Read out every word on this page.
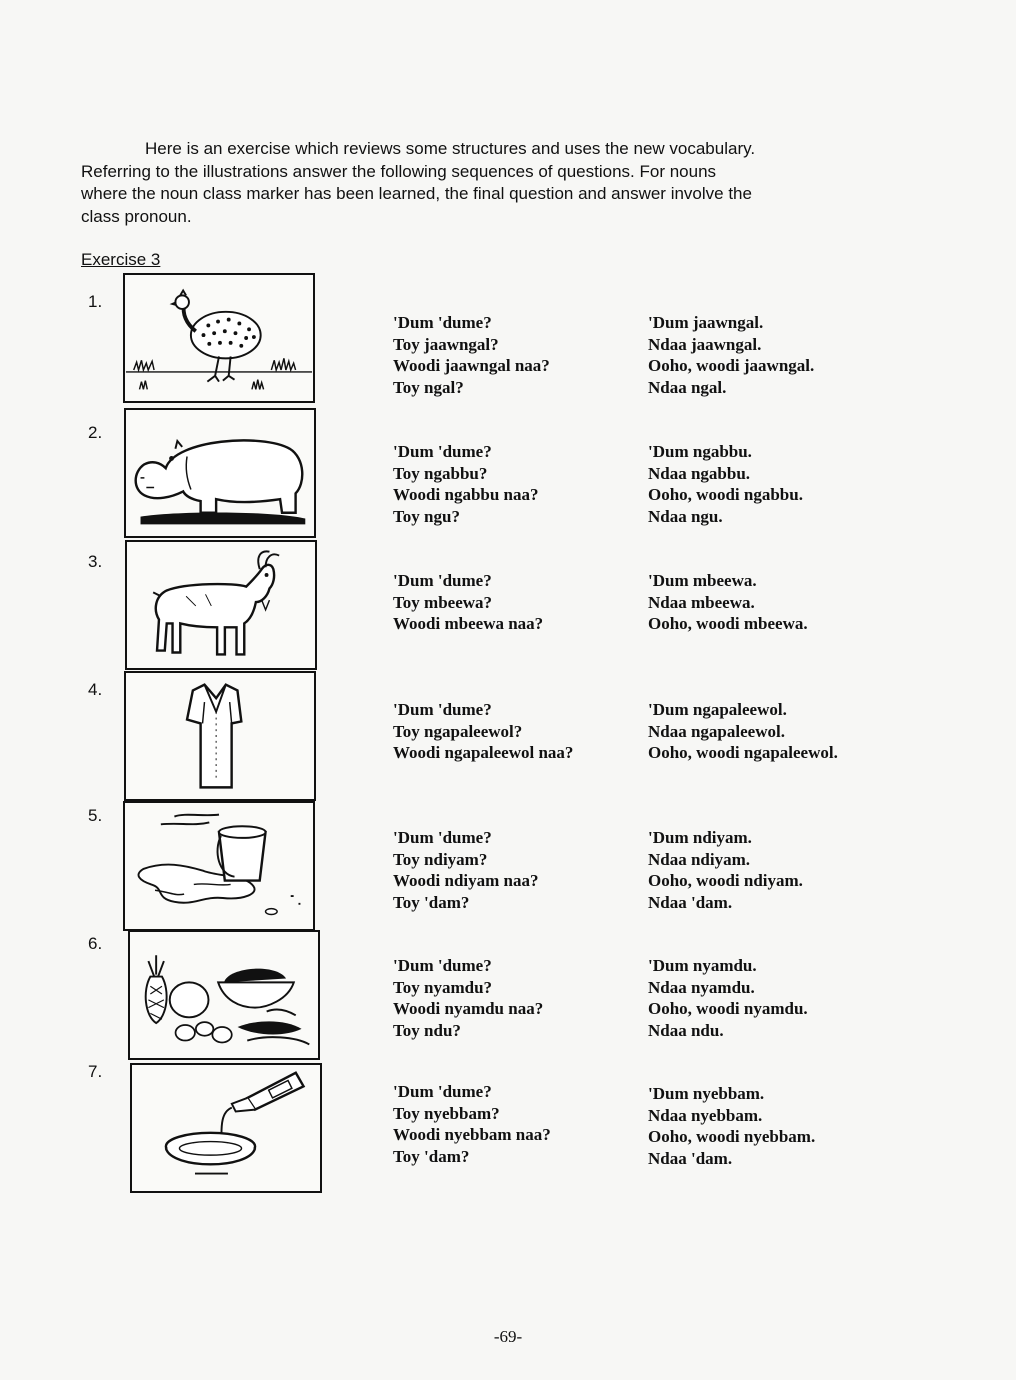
Here is an exercise which reviews some structures and uses the new vocabulary.
Referring to the illustrations answer the following sequences of questions. For nouns
where the noun class marker has been learned, the final question and answer involve the
class pronoun.

Exercise 3
1.
'Dum 'dume?
Toy jaawngal?
Woodi jaawngal naa?
Toy ngal?
'Dum jaawngal.
Ndaa jaawngal.
Ooho, woodi jaawngal.
Ndaa ngal.
2.
'Dum 'dume?
Toy ngabbu?
Woodi ngabbu naa?
Toy ngu?
'Dum ngabbu.
Ndaa ngabbu.
Ooho, woodi ngabbu.
Ndaa ngu.
3.
'Dum 'dume?
Toy mbeewa?
Woodi mbeewa naa?
'Dum mbeewa.
Ndaa mbeewa.
Ooho, woodi mbeewa.
4.
'Dum 'dume?
Toy ngapaleewol?
Woodi ngapaleewol naa?
'Dum ngapaleewol.
Ndaa ngapaleewol.
Ooho, woodi ngapaleewol.
5.
'Dum 'dume?
Toy ndiyam?
Woodi ndiyam naa?
Toy 'dam?
'Dum ndiyam.
Ndaa ndiyam.
Ooho, woodi ndiyam.
Ndaa 'dam.
6.
'Dum 'dume?
Toy nyamdu?
Woodi nyamdu naa?
Toy ndu?
'Dum nyamdu.
Ndaa nyamdu.
Ooho, woodi nyamdu.
Ndaa ndu.
7.
'Dum 'dume?
Toy nyebbam?
Woodi nyebbam naa?
Toy 'dam?
'Dum nyebbam.
Ndaa nyebbam.
Ooho, woodi nyebbam.
Ndaa 'dam.
-69-
